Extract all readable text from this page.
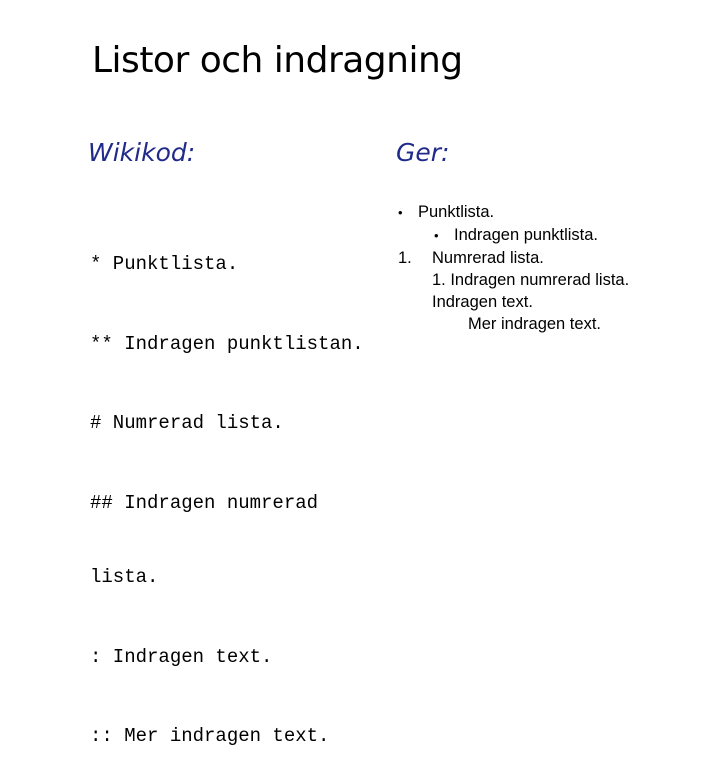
Listor och indragning
Wikikod:	Ger:

* Punktlista.

** Indragen punktlistan.

# Numrerad lista.

## Indragen numrerad

lista.

: Indragen text.

:: Mer indragen text.

• Punktlista.
• Indragen punktlista.
1. Numrerad lista.
1. Indragen numrerad lista.
Indragen text.
Mer indragen text.
